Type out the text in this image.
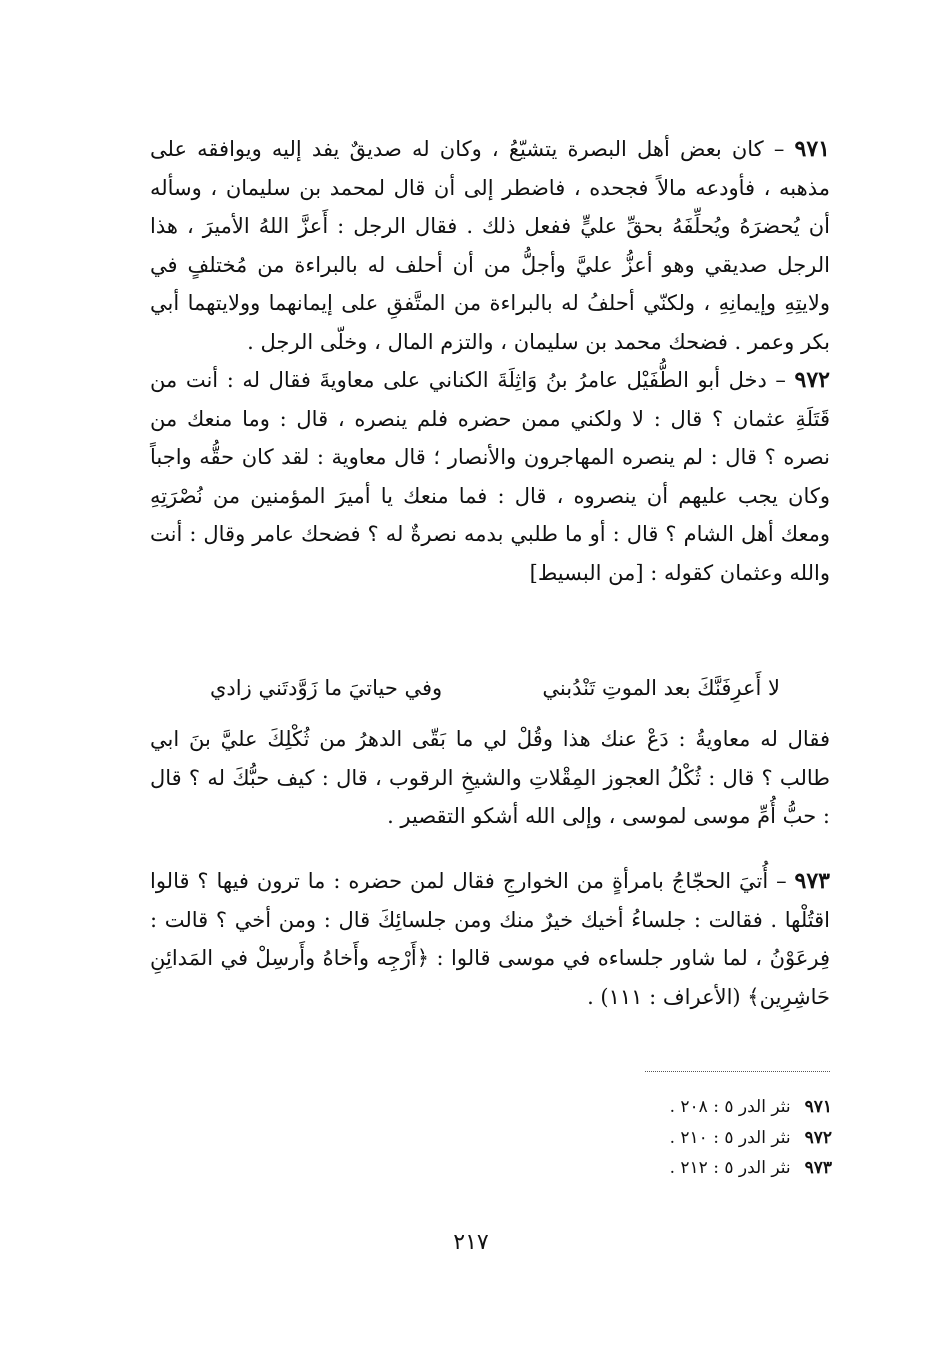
٩٧١ – كان بعض أهل البصرة يتشيّعُ ، وكان له صديقٌ يفد إليه ويوافقه على مذهبه ، فأودعه مالاً فجحده ، فاضطر إلى أن قال لمحمد بن سليمان ، وسأله أن يُحضرَهُ ويُحلِّفَهُ بحقِّ عليٍّ ففعل ذلك . فقال الرجل : أَعزَّ اللهُ الأميرَ ، هذا الرجل صديقي وهو أعزُّ عليَّ وأجلُّ من أن أحلف له بالبراءة من مُختلفٍ في ولايتِهِ وإيمانِهِ ، ولكنّي أحلفُ له بالبراءة من المتَّفقِ على إيمانهما وولايتهما أبي بكر وعمر . فضحك محمد بن سليمان ، والتزم المال ، وخلّى الرجل .

٩٧٢ – دخل أبو الطُّفَيْل عامرُ بنُ وَاثِلَةَ الكناني على معاويةَ فقال له : أنت من قَتَلَةِ عثمان ؟ قال : لا ولكني ممن حضره فلم ينصره ، قال : وما منعك من نصره ؟ قال : لم ينصره المهاجرون والأنصار ؛ قال معاوية : لقد كان حقُّه واجباً وكان يجب عليهم أن ينصروه ، قال : فما منعك يا أميرَ المؤمنين من نُصْرَتِهِ ومعك أهل الشام ؟ قال : أو ما طلبي بدمه نصرةٌ له ؟ فضحك عامر وقال : أنت والله وعثمان كقوله : [من البسيط]

لا أَعرِفَنَّكَ بعد الموتِ تَنْدُبني
وفي حياتيَ ما زَوَّدتَني زادي

فقال له معاويةُ : دَعْ عنك هذا وقُلْ لي ما بَقّى الدهرُ من ثُكْلِكَ عليَّ بنَ ابي طالب ؟ قال : ثُكْلُ العجوز المِقْلاتِ والشيخِ الرقوب ، قال : كيف حبُّكَ له ؟ قال : حبُّ أُمِّ موسى لموسى ، وإلى الله أشكو التقصير .

٩٧٣ – أُتيَ الحجّاجُ بامرأةٍ من الخوارجِ فقال لمن حضره : ما ترون فيها ؟ قالوا اقتُلْها . فقالت : جلساءُ أخيك خيرٌ منك ومن جلسائِكَ قال : ومن أخي ؟ قالت : فِرعَوْنُ ، لما شاور جلساءه في موسى قالوا : ﴿أَرْجِه وأَخاهُ وأَرسِلْ في المَدائِنِ حَاشِرِين﴾ (الأعراف : ١١١) .

٩٧١نثر الدر ٥ : ٢٠٨ .
٩٧٢نثر الدر ٥ : ٢١٠ .
٩٧٣نثر الدر ٥ : ٢١٢ .
٢١٧
